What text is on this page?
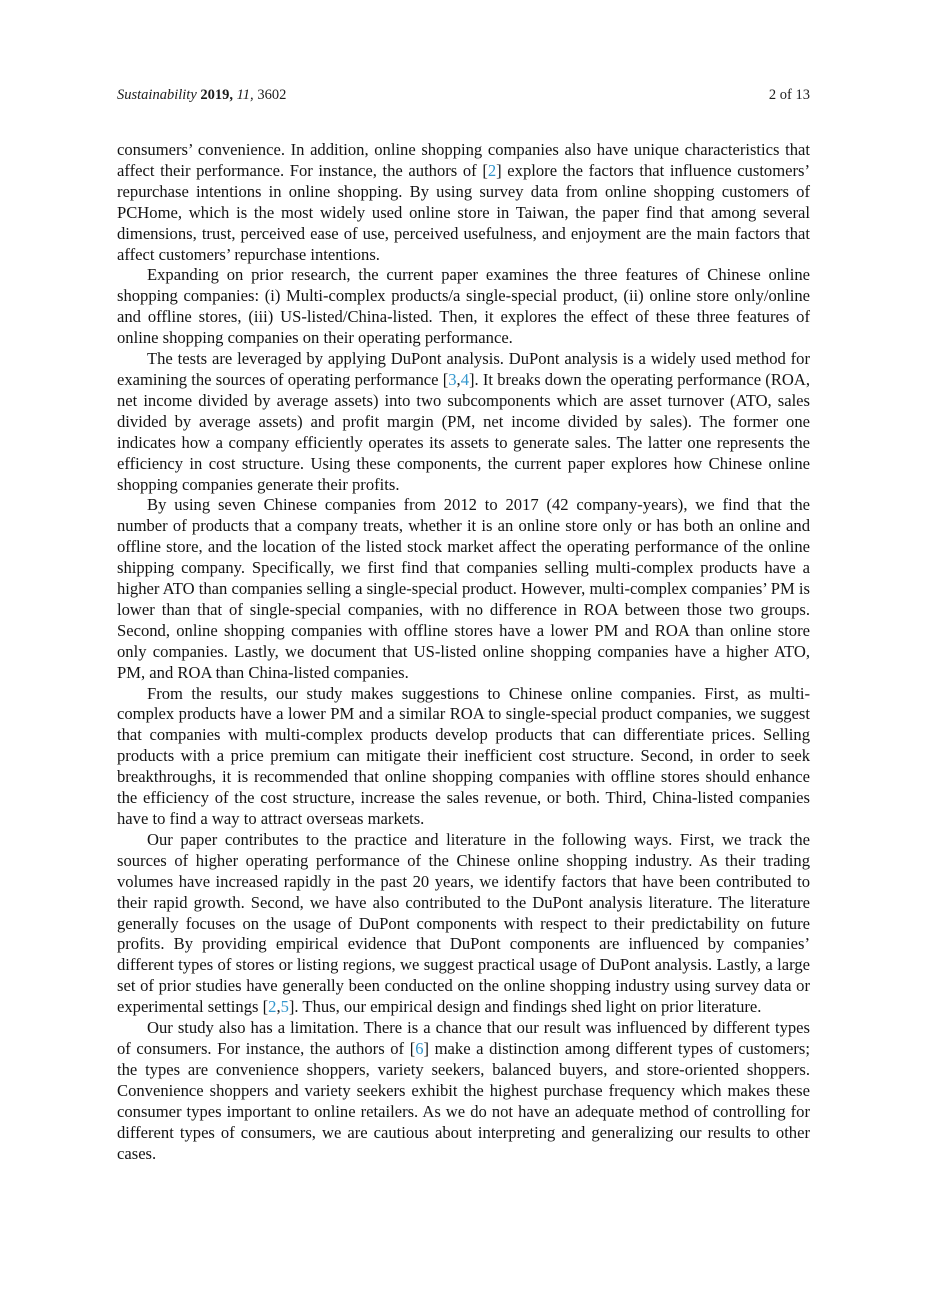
Sustainability 2019, 11, 3602	2 of 13

consumers’ convenience. In addition, online shopping companies also have unique characteristics that affect their performance. For instance, the authors of [2] explore the factors that influence customers’ repurchase intentions in online shopping. By using survey data from online shopping customers of PCHome, which is the most widely used online store in Taiwan, the paper find that among several dimensions, trust, perceived ease of use, perceived usefulness, and enjoyment are the main factors that affect customers’ repurchase intentions.

Expanding on prior research, the current paper examines the three features of Chinese online shopping companies: (i) Multi-complex products/a single-special product, (ii) online store only/online and offline stores, (iii) US-listed/China-listed. Then, it explores the effect of these three features of online shopping companies on their operating performance.

The tests are leveraged by applying DuPont analysis. DuPont analysis is a widely used method for examining the sources of operating performance [3,4]. It breaks down the operating performance (ROA, net income divided by average assets) into two subcomponents which are asset turnover (ATO, sales divided by average assets) and profit margin (PM, net income divided by sales). The former one indicates how a company efficiently operates its assets to generate sales. The latter one represents the efficiency in cost structure. Using these components, the current paper explores how Chinese online shopping companies generate their profits.

By using seven Chinese companies from 2012 to 2017 (42 company-years), we find that the number of products that a company treats, whether it is an online store only or has both an online and offline store, and the location of the listed stock market affect the operating performance of the online shipping company. Specifically, we first find that companies selling multi-complex products have a higher ATO than companies selling a single-special product. However, multi-complex companies’ PM is lower than that of single-special companies, with no difference in ROA between those two groups. Second, online shopping companies with offline stores have a lower PM and ROA than online store only companies. Lastly, we document that US-listed online shopping companies have a higher ATO, PM, and ROA than China-listed companies.

From the results, our study makes suggestions to Chinese online companies. First, as multi-complex products have a lower PM and a similar ROA to single-special product companies, we suggest that companies with multi-complex products develop products that can differentiate prices. Selling products with a price premium can mitigate their inefficient cost structure. Second, in order to seek breakthroughs, it is recommended that online shopping companies with offline stores should enhance the efficiency of the cost structure, increase the sales revenue, or both. Third, China-listed companies have to find a way to attract overseas markets.

Our paper contributes to the practice and literature in the following ways. First, we track the sources of higher operating performance of the Chinese online shopping industry. As their trading volumes have increased rapidly in the past 20 years, we identify factors that have been contributed to their rapid growth. Second, we have also contributed to the DuPont analysis literature. The literature generally focuses on the usage of DuPont components with respect to their predictability on future profits. By providing empirical evidence that DuPont components are influenced by companies’ different types of stores or listing regions, we suggest practical usage of DuPont analysis. Lastly, a large set of prior studies have generally been conducted on the online shopping industry using survey data or experimental settings [2,5]. Thus, our empirical design and findings shed light on prior literature.

Our study also has a limitation. There is a chance that our result was influenced by different types of consumers. For instance, the authors of [6] make a distinction among different types of customers; the types are convenience shoppers, variety seekers, balanced buyers, and store-oriented shoppers. Convenience shoppers and variety seekers exhibit the highest purchase frequency which makes these consumer types important to online retailers. As we do not have an adequate method of controlling for different types of consumers, we are cautious about interpreting and generalizing our results to other cases.
